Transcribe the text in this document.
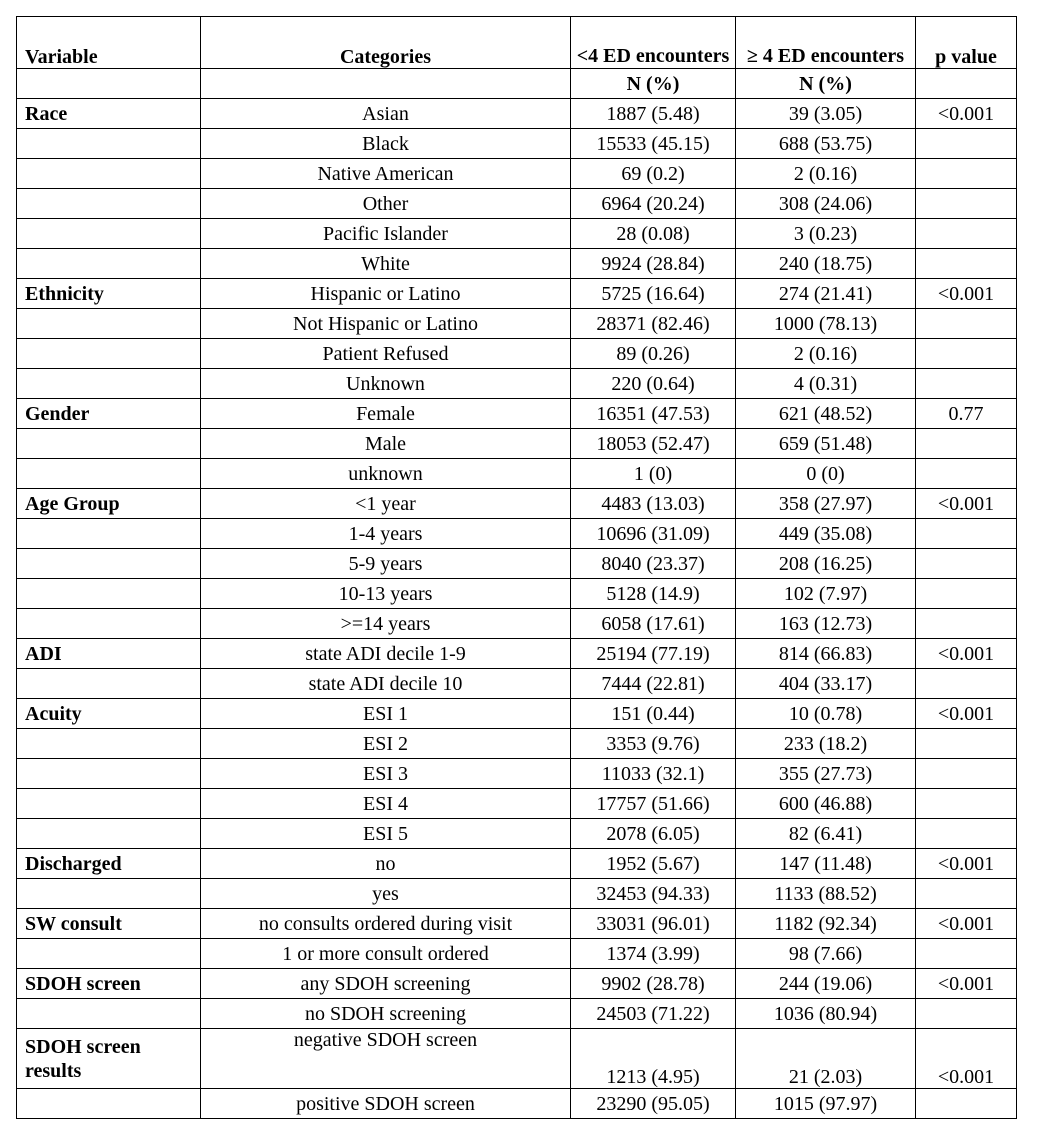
Variable	Categories	<4 ED encounters	≥ 4 ED encounters	p value
		N (%)	N (%)	
Race	Asian	1887 (5.48)	39 (3.05)	<0.001
	Black	15533 (45.15)	688 (53.75)	
	Native American	69 (0.2)	2 (0.16)	
	Other	6964 (20.24)	308 (24.06)	
	Pacific Islander	28 (0.08)	3 (0.23)	
	White	9924 (28.84)	240 (18.75)	
Ethnicity	Hispanic or Latino	5725 (16.64)	274 (21.41)	<0.001
	Not Hispanic or Latino	28371 (82.46)	1000 (78.13)	
	Patient Refused	89 (0.26)	2 (0.16)	
	Unknown	220 (0.64)	4 (0.31)	
Gender	Female	16351 (47.53)	621 (48.52)	0.77
	Male	18053 (52.47)	659 (51.48)	
	unknown	1 (0)	0 (0)	
Age Group	<1 year	4483 (13.03)	358 (27.97)	<0.001
	1-4 years	10696 (31.09)	449 (35.08)	
	5-9 years	8040 (23.37)	208 (16.25)	
	10-13 years	5128 (14.9)	102 (7.97)	
	>=14 years	6058 (17.61)	163 (12.73)	
ADI	state ADI decile 1-9	25194 (77.19)	814 (66.83)	<0.001
	state ADI decile 10	7444 (22.81)	404 (33.17)	
Acuity	ESI 1	151 (0.44)	10 (0.78)	<0.001
	ESI 2	3353 (9.76)	233 (18.2)	
	ESI 3	11033 (32.1)	355 (27.73)	
	ESI 4	17757 (51.66)	600 (46.88)	
	ESI 5	2078 (6.05)	82 (6.41)	
Discharged	no	1952 (5.67)	147 (11.48)	<0.001
	yes	32453 (94.33)	1133 (88.52)	
SW consult	no consults ordered during visit	33031 (96.01)	1182 (92.34)	<0.001
	1 or more consult ordered	1374 (3.99)	98 (7.66)	
SDOH screen	any SDOH screening	9902 (28.78)	244 (19.06)	<0.001
	no SDOH screening	24503 (71.22)	1036 (80.94)	
SDOH screen results	negative SDOH screen	1213 (4.95)	21 (2.03)	<0.001
	positive SDOH screen	23290 (95.05)	1015 (97.97)	
